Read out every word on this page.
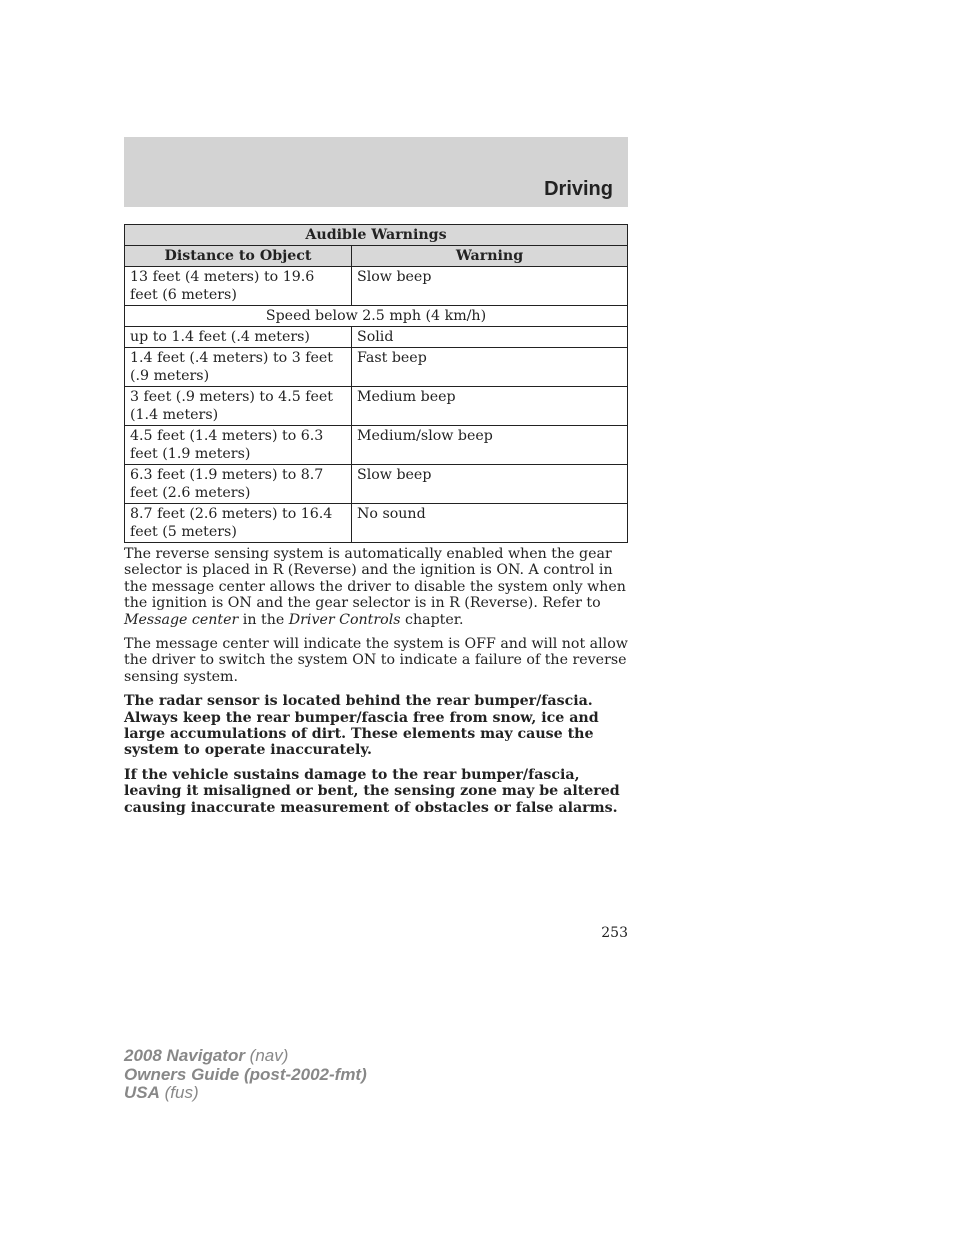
Driving
Audible Warnings	
Distance to Object	Warning
13 feet (4 meters) to 19.6 feet (6 meters)	Slow beep
Speed below 2.5 mph (4 km/h)	
up to 1.4 feet (.4 meters)	Solid
1.4 feet (.4 meters) to 3 feet (.9 meters)	Fast beep
3 feet (.9 meters) to 4.5 feet (1.4 meters)	Medium beep
4.5 feet (1.4 meters) to 6.3 feet (1.9 meters)	Medium/slow beep
6.3 feet (1.9 meters) to 8.7 feet (2.6 meters)	Slow beep
8.7 feet (2.6 meters) to 16.4 feet (5 meters)	No sound

The reverse sensing system is automatically enabled when the gear selector is placed in R (Reverse) and the ignition is ON. A control in the message center allows the driver to disable the system only when the ignition is ON and the gear selector is in R (Reverse). Refer to Message center in the Driver Controls chapter.

The message center will indicate the system is OFF and will not allow the driver to switch the system ON to indicate a failure of the reverse sensing system.

The radar sensor is located behind the rear bumper/fascia. Always keep the rear bumper/fascia free from snow, ice and large accumulations of dirt. These elements may cause the system to operate inaccurately.

If the vehicle sustains damage to the rear bumper/fascia, leaving it misaligned or bent, the sensing zone may be altered causing inaccurate measurement of obstacles or false alarms.

253
2008 Navigator (nav)
Owners Guide (post-2002-fmt)
USA (fus)
